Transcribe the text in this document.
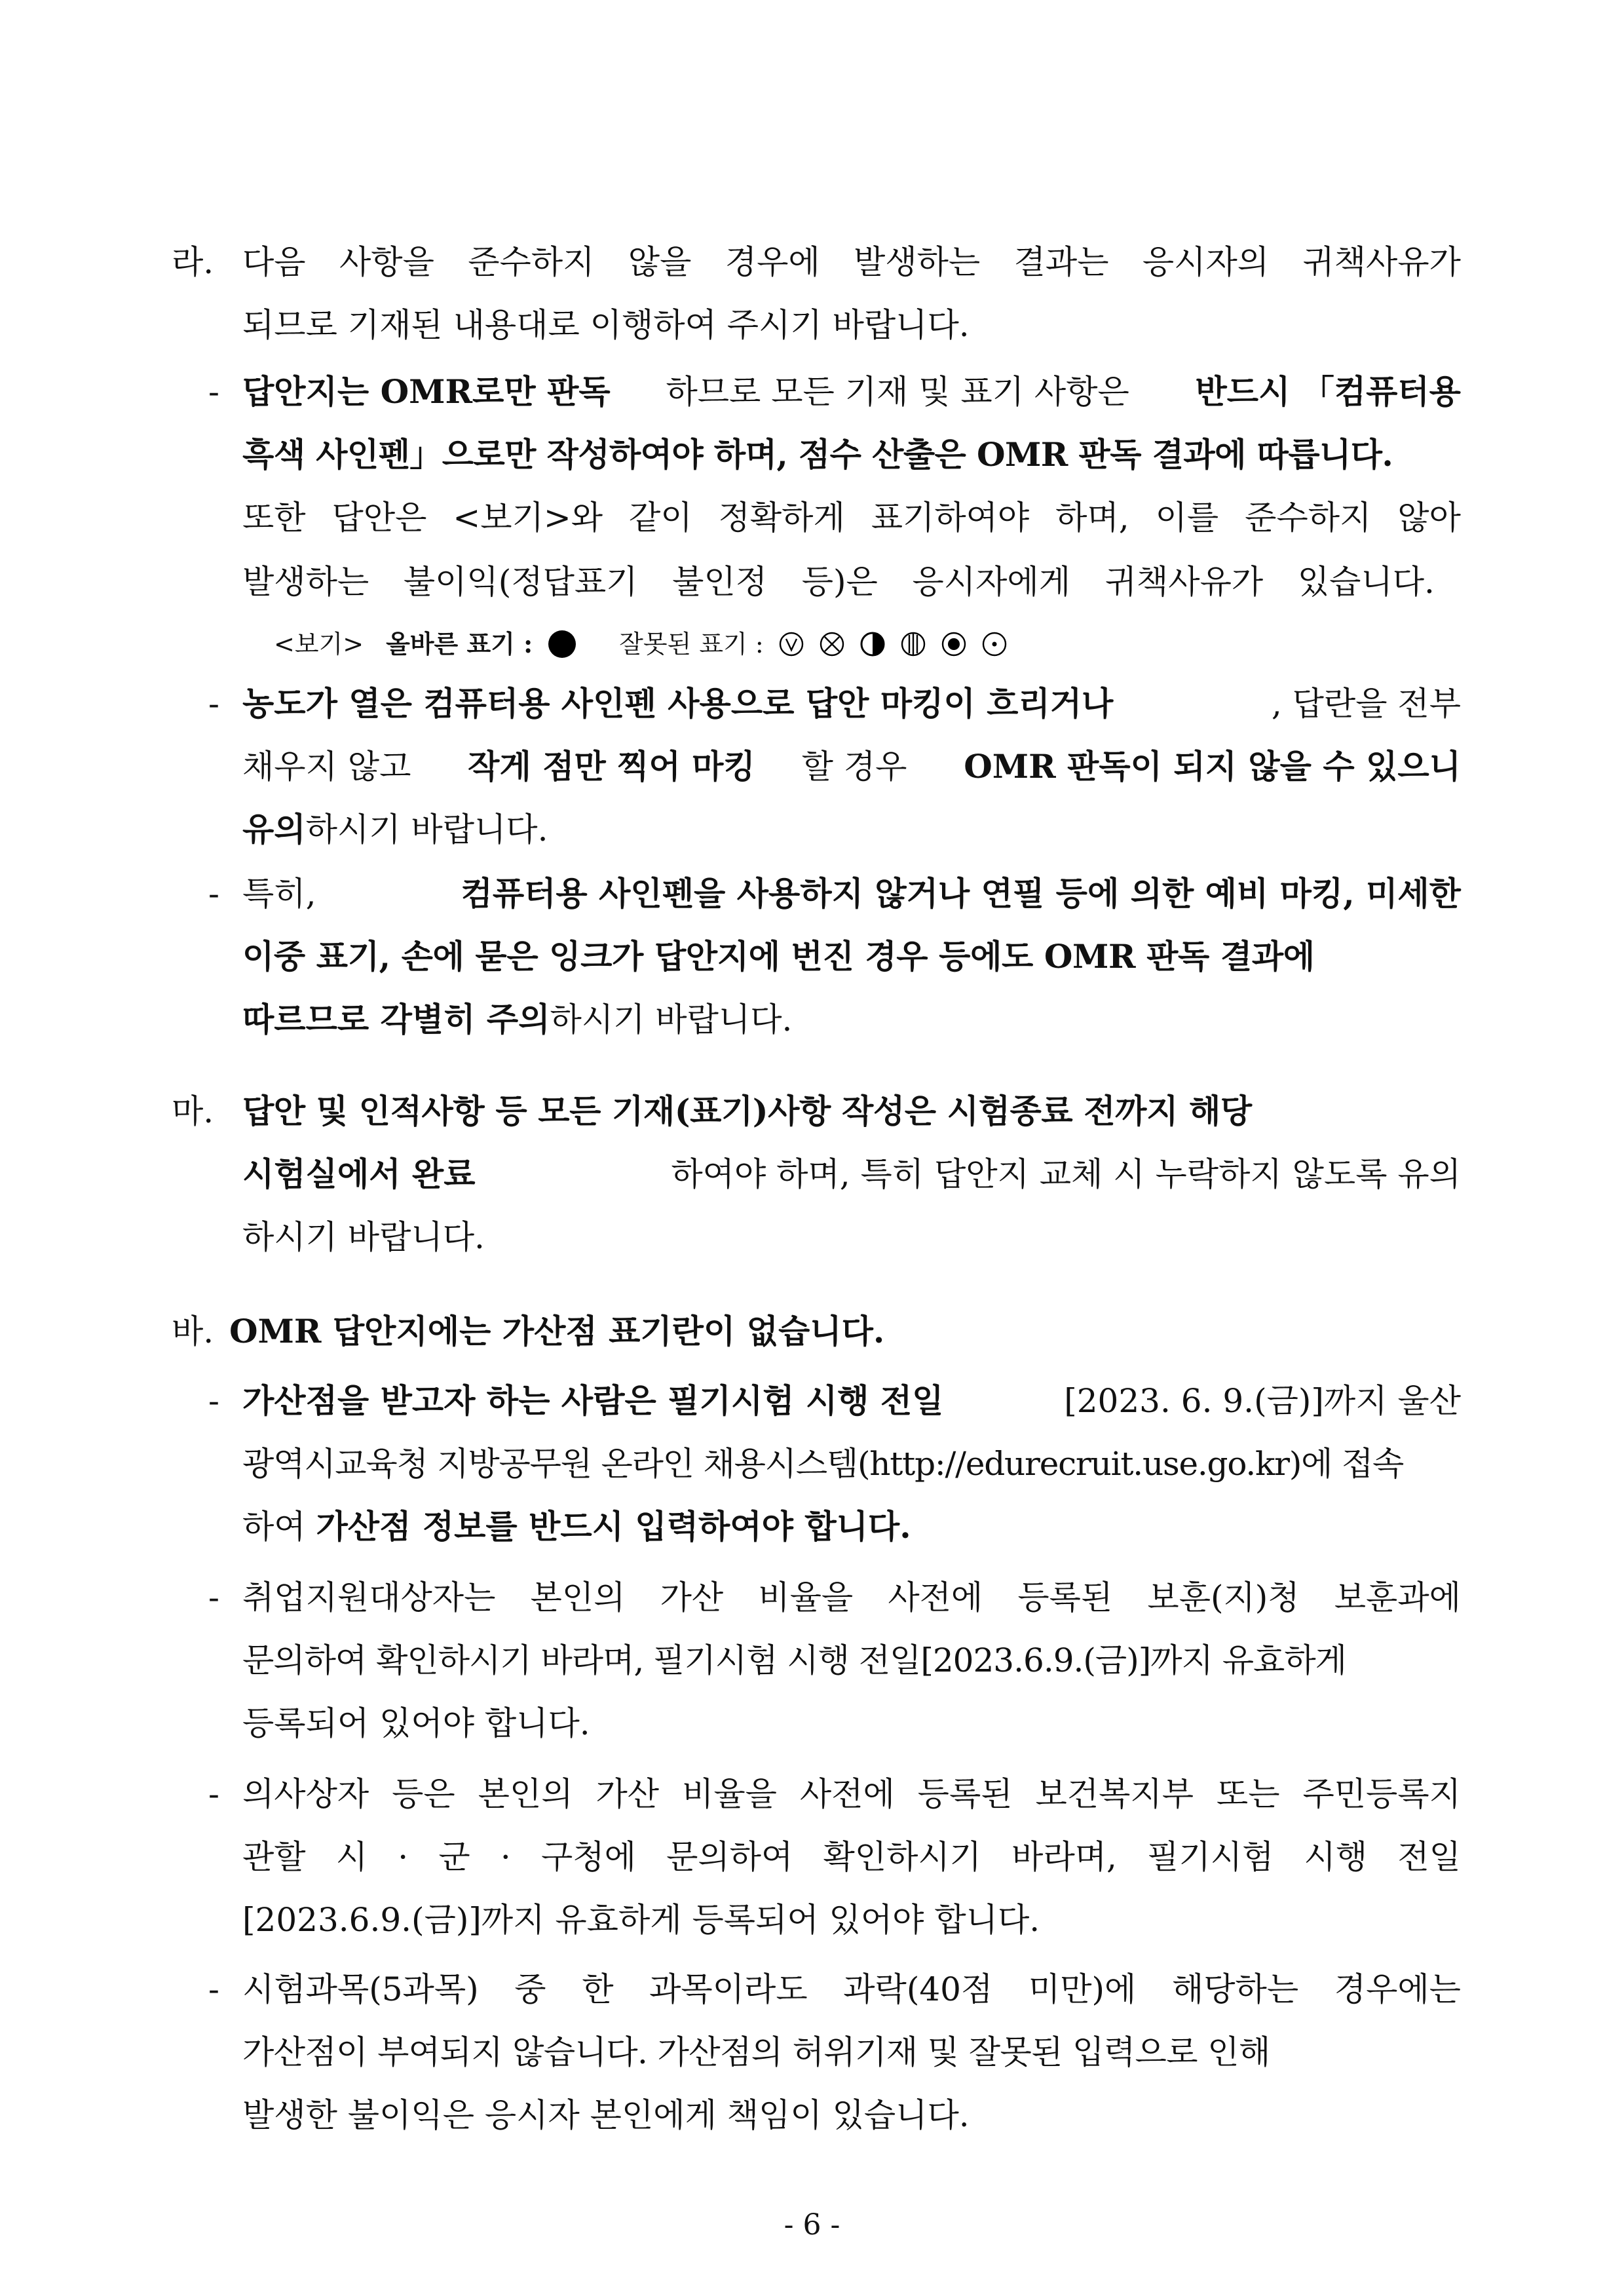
라. 다음 사항을 준수하지 않을 경우에 발생하는 결과는 응시자의 귀책사유가
되므로 기재된 내용대로 이행하여 주시기 바랍니다.
- 답안지는 OMR로만 판독 하므로 모든 기재 및 표기 사항은 반드시 「컴퓨터용
흑색 사인펜」으로만 작성하여야 하며, 점수 산출은 OMR 판독 결과에 따릅니다.
또한 답안은 <보기>와 같이 정확하게 표기하여야 하며, 이를 준수하지 않아
발생하는 불이익(정답표기 불인정 등)은 응시자에게 귀책사유가 있습니다.
<보기> 올바른 표기 :	잘못된 표기 :
- 농도가 열은 컴퓨터용 사인펜 사용으로 답안 마킹이 흐리거나	, 답란을 전부
채우지 않고 작게 점만 찍어 마킹 할 경우 OMR 판독이 되지 않을 수 있으니
유의하시기 바랍니다.
- 특히,	컴퓨터용 사인펜을 사용하지 않거나 연필 등에 의한 예비 마킹, 미세한
이중 표기, 손에 묻은 잉크가 답안지에 번진 경우 등에도 OMR 판독 결과에
따르므로 각별히 주의하시기 바랍니다.
마. 답안 및 인적사항 등 모든 기재(표기)사항 작성은 시험종료 전까지 해당
시험실에서 완료	하여야 하며, 특히 답안지 교체 시 누락하지 않도록 유의
하시기 바랍니다.
바. OMR 답안지에는 가산점 표기란이 없습니다.
- 가산점을 받고자 하는 사람은 필기시험 시행 전일	[2023. 6. 9.(금)]까지 울산
광역시교육청 지방공무원 온라인 채용시스템(http://edurecruit.use.go.kr)에 접속
하여 가산점 정보를 반드시 입력하여야 합니다.
- 취업지원대상자는 본인의 가산 비율을 사전에 등록된 보훈(지)청 보훈과에
문의하여 확인하시기 바라며, 필기시험 시행 전일[2023.6.9.(금)]까지 유효하게
등록되어 있어야 합니다.
- 의사상자 등은 본인의 가산 비율을 사전에 등록된 보건복지부 또는 주민등록지
관할 시 · 군 · 구청에 문의하여 확인하시기 바라며, 필기시험 시행 전일
[2023.6.9.(금)]까지 유효하게 등록되어 있어야 합니다.
- 시험과목(5과목) 중 한 과목이라도 과락(40점 미만)에 해당하는 경우에는
가산점이 부여되지 않습니다. 가산점의 허위기재 및 잘못된 입력으로 인해
발생한 불이익은 응시자 본인에게 책임이 있습니다.
- 6 -
